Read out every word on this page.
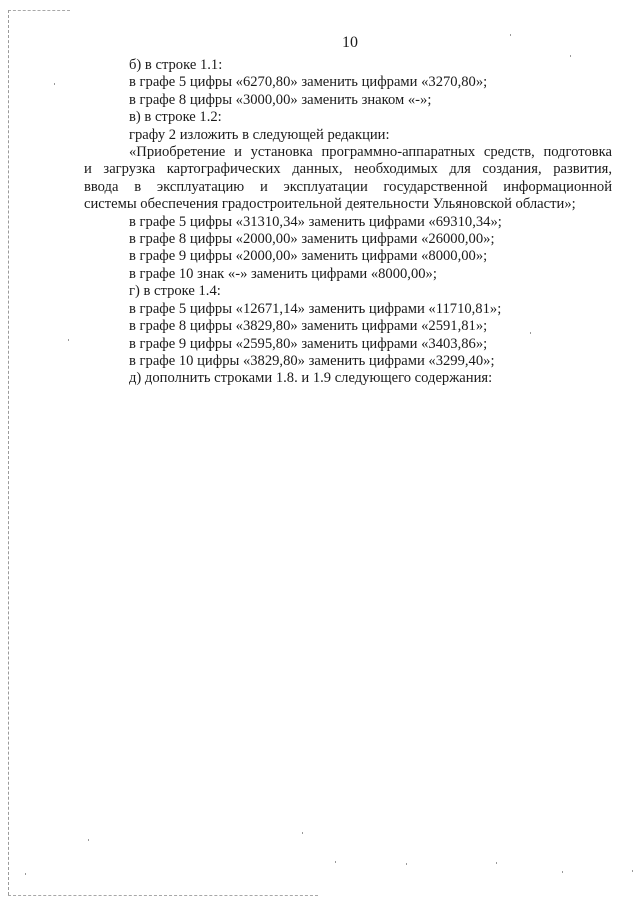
10
б) в строке 1.1:
в графе 5 цифры «6270,80» заменить цифрами «3270,80»;
в графе 8 цифры «3000,00» заменить знаком «-»;
в) в строке 1.2:
графу 2 изложить в следующей редакции:
«Приобретение и установка программно-аппаратных средств, подготовка
и загрузка картографических данных, необходимых для создания, развития,
ввода в эксплуатацию и эксплуатации государственной информационной
системы обеспечения градостроительной деятельности Ульяновской области»;
в графе 5 цифры «31310,34» заменить цифрами «69310,34»;
в графе 8 цифры «2000,00» заменить цифрами «26000,00»;
в графе 9 цифры «2000,00» заменить цифрами «8000,00»;
в графе 10 знак «-» заменить цифрами «8000,00»;
г) в строке 1.4:
в графе 5 цифры «12671,14» заменить цифрами «11710,81»;
в графе 8 цифры «3829,80» заменить цифрами «2591,81»;
в графе 9 цифры «2595,80» заменить цифрами «3403,86»;
в графе 10 цифры «3829,80» заменить цифрами «3299,40»;
д) дополнить строками 1.8. и 1.9 следующего содержания:
